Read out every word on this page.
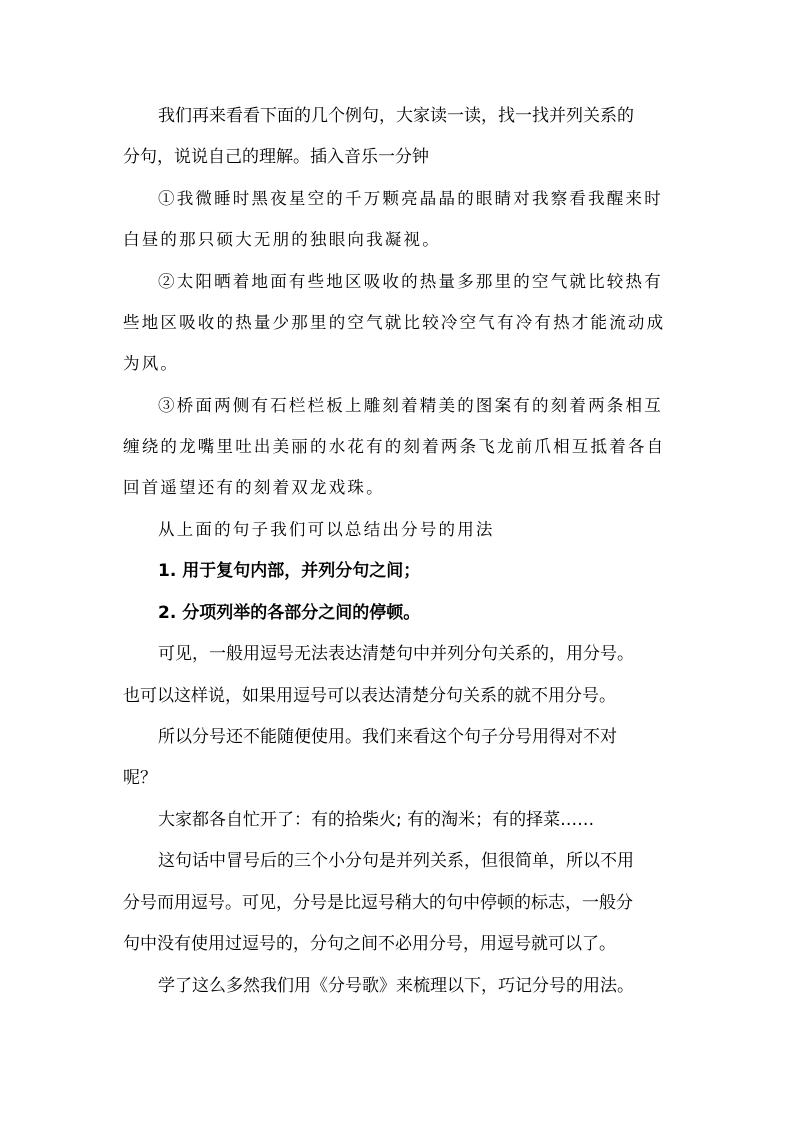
我们再来看看下面的几个例句，大家读一读，找一找并列关系的
分句，说说自己的理解。插入音乐一分钟
①我微睡时黑夜星空的千万颗亮晶晶的眼睛对我察看我醒来时
白昼的那只硕大无朋的独眼向我凝视。
②太阳晒着地面有些地区吸收的热量多那里的空气就比较热有
些地区吸收的热量少那里的空气就比较冷空气有冷有热才能流动成
为风。
③桥面两侧有石栏栏板上雕刻着精美的图案有的刻着两条相互
缠绕的龙嘴里吐出美丽的水花有的刻着两条飞龙前爪相互抵着各自
回首遥望还有的刻着双龙戏珠。
从上面的句子我们可以总结出分号的用法
1. 用于复句内部，并列分句之间；
2. 分项列举的各部分之间的停顿。
可见，一般用逗号无法表达清楚句中并列分句关系的，用分号。
也可以这样说，如果用逗号可以表达清楚分句关系的就不用分号。
所以分号还不能随便使用。我们来看这个句子分号用得对不对
呢？
大家都各自忙开了：有的拾柴火; 有的淘米；有的择菜……
这句话中冒号后的三个小分句是并列关系，但很简单，所以不用
分号而用逗号。可见，分号是比逗号稍大的句中停顿的标志，一般分
句中没有使用过逗号的，分句之间不必用分号，用逗号就可以了。
学了这么多然我们用《分号歌》来梳理以下，巧记分号的用法。
